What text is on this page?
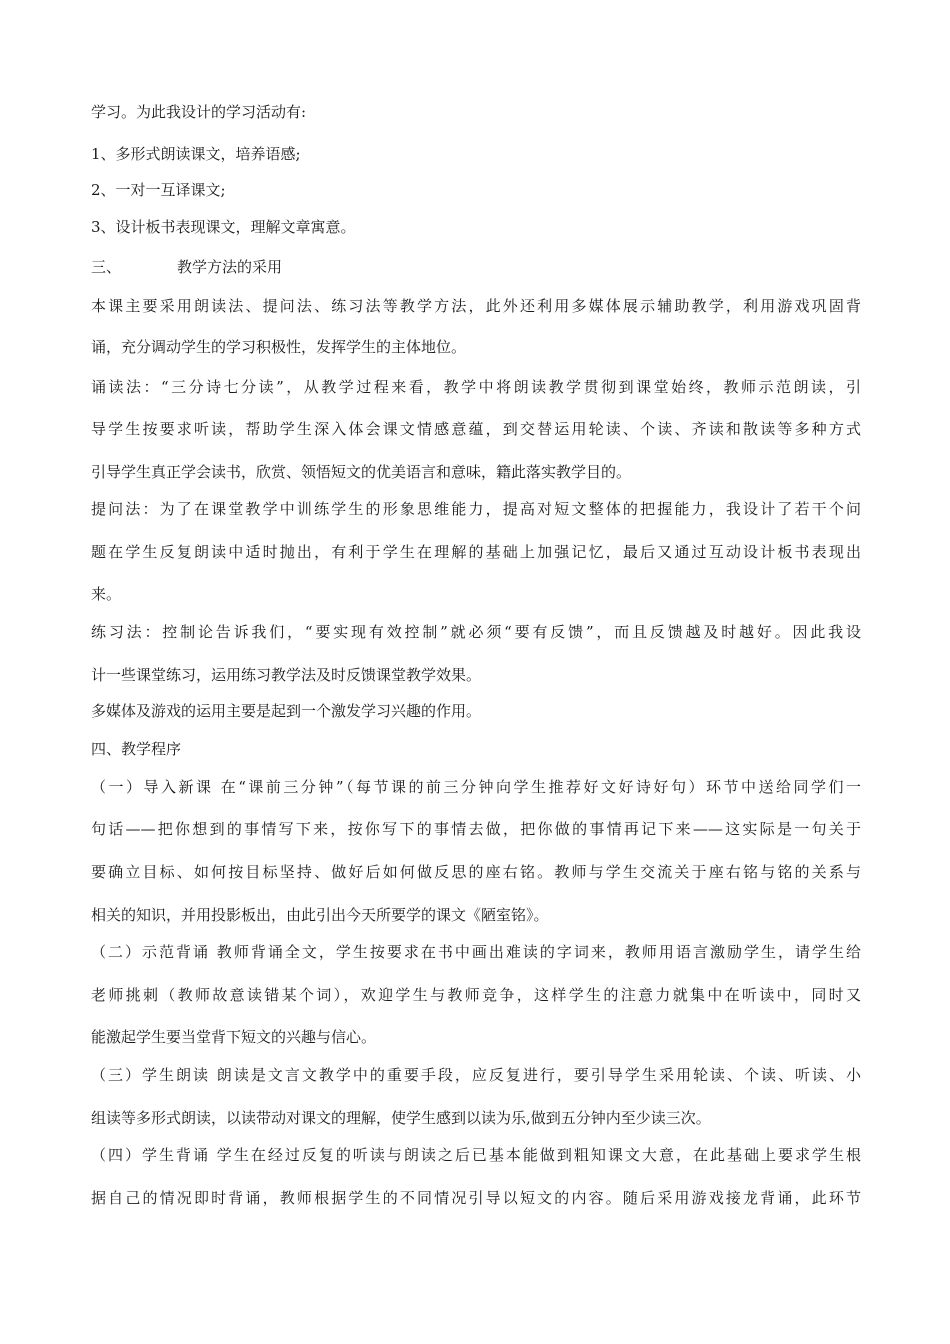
学习。为此我设计的学习活动有:
1、多形式朗读课文，培养语感;
2、一对一互译课文;
3、设计板书表现课文，理解文章寓意。
三、	教学方法的采用
本课主要采用朗读法、提问法、练习法等教学方法，此外还利用多媒体展示辅助教学，利用游戏巩固背
诵，充分调动学生的学习积极性，发挥学生的主体地位。
诵读法：“三分诗七分读”，从教学过程来看，教学中将朗读教学贯彻到课堂始终，教师示范朗读，引
导学生按要求听读，帮助学生深入体会课文情感意蕴，到交替运用轮读、个读、齐读和散读等多种方式
引导学生真正学会读书，欣赏、领悟短文的优美语言和意味，籍此落实教学目的。
提问法：为了在课堂教学中训练学生的形象思维能力，提高对短文整体的把握能力，我设计了若干个问
题在学生反复朗读中适时抛出，有利于学生在理解的基础上加强记忆，最后又通过互动设计板书表现出
来。
练习法：控制论告诉我们，“要实现有效控制”就必须“要有反馈”，而且反馈越及时越好。因此我设
计一些课堂练习，运用练习教学法及时反馈课堂教学效果。
多媒体及游戏的运用主要是起到一个激发学习兴趣的作用。
四、教学程序
（一）导入新课 在“课前三分钟”（每节课的前三分钟向学生推荐好文好诗好句）环节中送给同学们一
句话——把你想到的事情写下来，按你写下的事情去做，把你做的事情再记下来——这实际是一句关于
要确立目标、如何按目标坚持、做好后如何做反思的座右铭。教师与学生交流关于座右铭与铭的关系与
相关的知识，并用投影板出，由此引出今天所要学的课文《陋室铭》。
（二）示范背诵 教师背诵全文，学生按要求在书中画出难读的字词来，教师用语言激励学生，请学生给
老师挑刺（教师故意读错某个词），欢迎学生与教师竞争，这样学生的注意力就集中在听读中，同时又
能激起学生要当堂背下短文的兴趣与信心。
（三）学生朗读 朗读是文言文教学中的重要手段，应反复进行，要引导学生采用轮读、个读、听读、小
组读等多形式朗读，以读带动对课文的理解，使学生感到以读为乐,做到五分钟内至少读三次。
（四）学生背诵 学生在经过反复的听读与朗读之后已基本能做到粗知课文大意，在此基础上要求学生根
据自己的情况即时背诵，教师根据学生的不同情况引导以短文的内容。随后采用游戏接龙背诵，此环节
